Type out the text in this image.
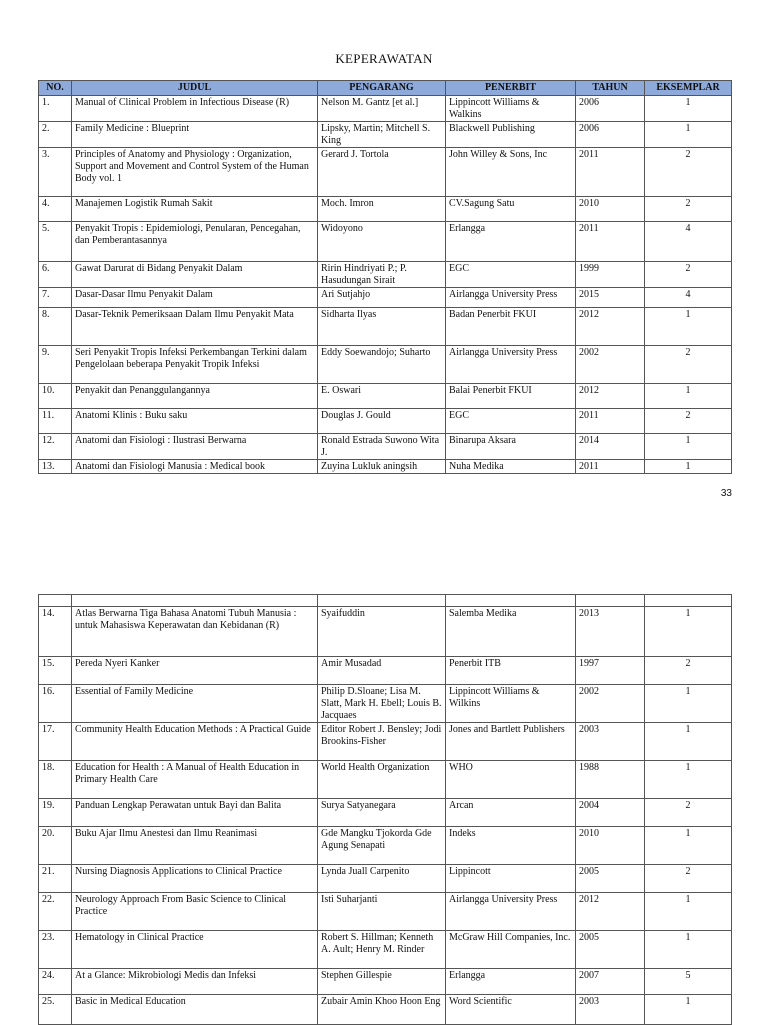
KEPERAWATAN
NO.	JUDUL	PENGARANG	PENERBIT	TAHUN	EKSEMPLAR
1.	Manual of Clinical Problem in Infectious Disease (R)	Nelson M. Gantz [et al.]	Lippincott Williams & Walkins	2006	1
2.	Family Medicine : Blueprint	Lipsky, Martin; Mitchell S. King	Blackwell Publishing	2006	1
3.	Principles of Anatomy and Physiology : Organization, Support and Movement and Control System of the Human Body vol. 1	Gerard J. Tortola	John Willey & Sons, Inc	2011	2
4.	Manajemen Logistik Rumah Sakit	Moch. Imron	CV.Sagung Satu	2010	2
5.	Penyakit Tropis : Epidemiologi, Penularan, Pencegahan, dan Pemberantasannya	Widoyono	Erlangga	2011	4
6.	Gawat Darurat di Bidang Penyakit Dalam	Ririn Hindriyati P.; P. Hasudungan Sirait	EGC	1999	2
7.	Dasar-Dasar Ilmu Penyakit Dalam	Ari Sutjahjo	Airlangga University Press	2015	4
8.	Dasar-Teknik Pemeriksaan Dalam Ilmu Penyakit Mata	Sidharta Ilyas	Badan Penerbit FKUI	2012	1
9.	Seri Penyakit Tropis Infeksi Perkembangan Terkini dalam Pengelolaan beberapa Penyakit Tropik Infeksi	Eddy Soewandojo; Suharto	Airlangga University Press	2002	2
10.	Penyakit dan Penanggulangannya	E. Oswari	Balai Penerbit FKUI	2012	1
11.	Anatomi Klinis : Buku saku	Douglas J. Gould	EGC	2011	2
12.	Anatomi dan Fisiologi : Ilustrasi Berwarna	Ronald Estrada Suwono Wita J.	Binarupa Aksara	2014	1
13.	Anatomi dan Fisiologi Manusia : Medical book	Zuyina Lukluk aningsih	Nuha Medika	2011	1
33

14.	Atlas Berwarna Tiga Bahasa Anatomi Tubuh Manusia : untuk Mahasiswa Keperawatan dan Kebidanan (R)	Syaifuddin	Salemba Medika	2013	1
15.	Pereda Nyeri Kanker	Amir Musadad	Penerbit ITB	1997	2
16.	Essential of Family Medicine	Philip D.Sloane; Lisa M. Slatt, Mark H. Ebell; Louis B. Jacquaes	Lippincott Williams & Wilkins	2002	1
17.	Community Health Education Methods : A Practical Guide	Editor Robert J. Bensley; Jodi Brookins-Fisher	Jones and Bartlett Publishers	2003	1
18.	Education for Health : A Manual of Health Education in Primary Health Care	World Health Organization	WHO	1988	1
19.	Panduan Lengkap Perawatan untuk Bayi dan Balita	Surya Satyanegara	Arcan	2004	2
20.	Buku Ajar Ilmu Anestesi dan Ilmu Reanimasi	Gde Mangku Tjokorda Gde Agung Senapati	Indeks	2010	1
21.	Nursing Diagnosis Applications to Clinical Practice	Lynda Juall Carpenito	Lippincott	2005	2
22.	Neurology Approach From Basic Science to Clinical Practice	Isti Suharjanti	Airlangga University Press	2012	1
23.	Hematology in Clinical Practice	Robert S. Hillman; Kenneth A. Ault; Henry M. Rinder	McGraw Hill Companies, Inc.	2005	1
24.	At a Glance: Mikrobiologi Medis dan Infeksi	Stephen Gillespie	Erlangga	2007	5
25.	Basic in Medical Education	Zubair Amin Khoo Hoon Eng	Word Scientific	2003	1
